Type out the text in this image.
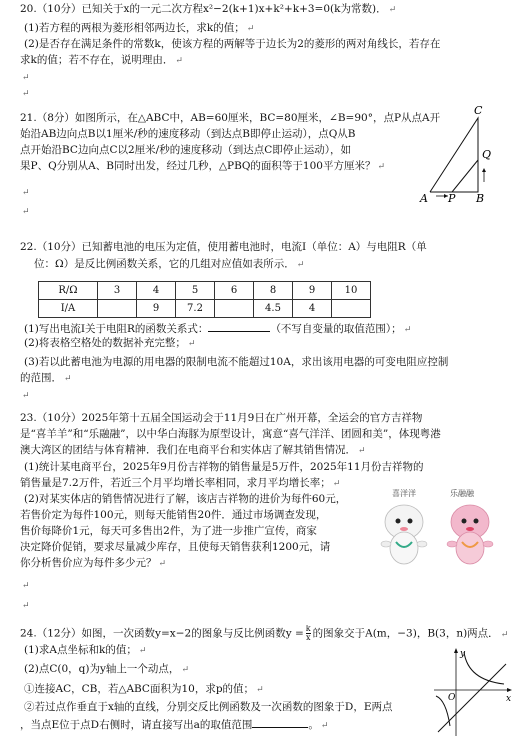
20.（10分）已知关于x的一元二次方程x²−2(k+1)x+k²+k+3=0(k为常数)． ↵
(1)若方程的两根为菱形相邻两边长，求k的值； ↵
(2)是否存在满足条件的常数k，使该方程的两解等于边长为2的菱形的两对角线长，若存在
求k的值；若不存在，说明理由． ↵
↵
↵
21.（8分）如图所示，在△ABC中，AB=60厘米，BC=80厘米，∠B=90°，点P从点A开
始沿AB边向点B以1厘米/秒的速度移动（到达点B即停止运动），点Q从B
点开始沿BC边向点C以2厘米/秒的速度移动（到达点C即停止运动），如
果P、Q分别从A、B同时出发，经过几秒，△PBQ的面积等于100平方厘米？ ↵
↵
↵
C
Q
A P B
22.（10分）已知蓄电池的电压为定值，使用蓄电池时，电流I（单位：A）与电阻R（单
位：Ω）是反比例函数关系，它的几组对应值如表所示． ↵
R/Ω	3	4	5	6	8	9	10
I/A		9	7.2		4.5	4	
(1)写出电流I关于电阻R的函数关系式：	（不写自变量的取值范围）； ↵
(2)将表格空格处的数据补充完整； ↵
(3)若以此蓄电池为电源的用电器的限制电流不能超过10A，求出该用电器的可变电阻应控制
的范围． ↵
↵
23.（10分）2025年第十五届全国运动会于11月9日在广州开幕，全运会的官方吉祥物
是“喜羊羊”和“乐融融”，以中华白海豚为原型设计，寓意“喜气洋洋、团圆和美”，体现粤港
澳大湾区的团结与体育精神．我们在电商平台和实体店了解其销售情况． ↵
(1)统计某电商平台，2025年9月份吉祥物的销售量是5万件，2025年11月份吉祥物的
销售量是7.2万件，若近三个月平均增长率相同，求月平均增长率； ↵
(2)对某实体店的销售情况进行了解，该店吉祥物的进价为每件60元，
若售价定为每件100元，则每天能销售20件．通过市场调查发现，
售价每降价1元，每天可多售出2件，为了进一步推广宣传，商家
决定降价促销，要求尽量减少库存，且使每天销售获利1200元，请
你分析售价应为每件多少元？ ↵
↵
↵
喜洋洋	乐融融
24.（12分）如图，一次函数y=x−2的图象与反比例函数$y = \frac{k}{x}$ 的图象交于A(m，−3)，B(3，n)两点． ↵
(1)求A点坐标和k的值； ↵
(2)点C(0，q)为y轴上一个动点， ↵
①连接AC，CB，若△ABC面积为10，求p的值； ↵
②若过点作垂直于x轴的直线，分别交反比例函数及一次函数的图象于D，E两点
，当点E位于点D右侧时，请直接写出a的取值范围	。 ↵
y
x
O
